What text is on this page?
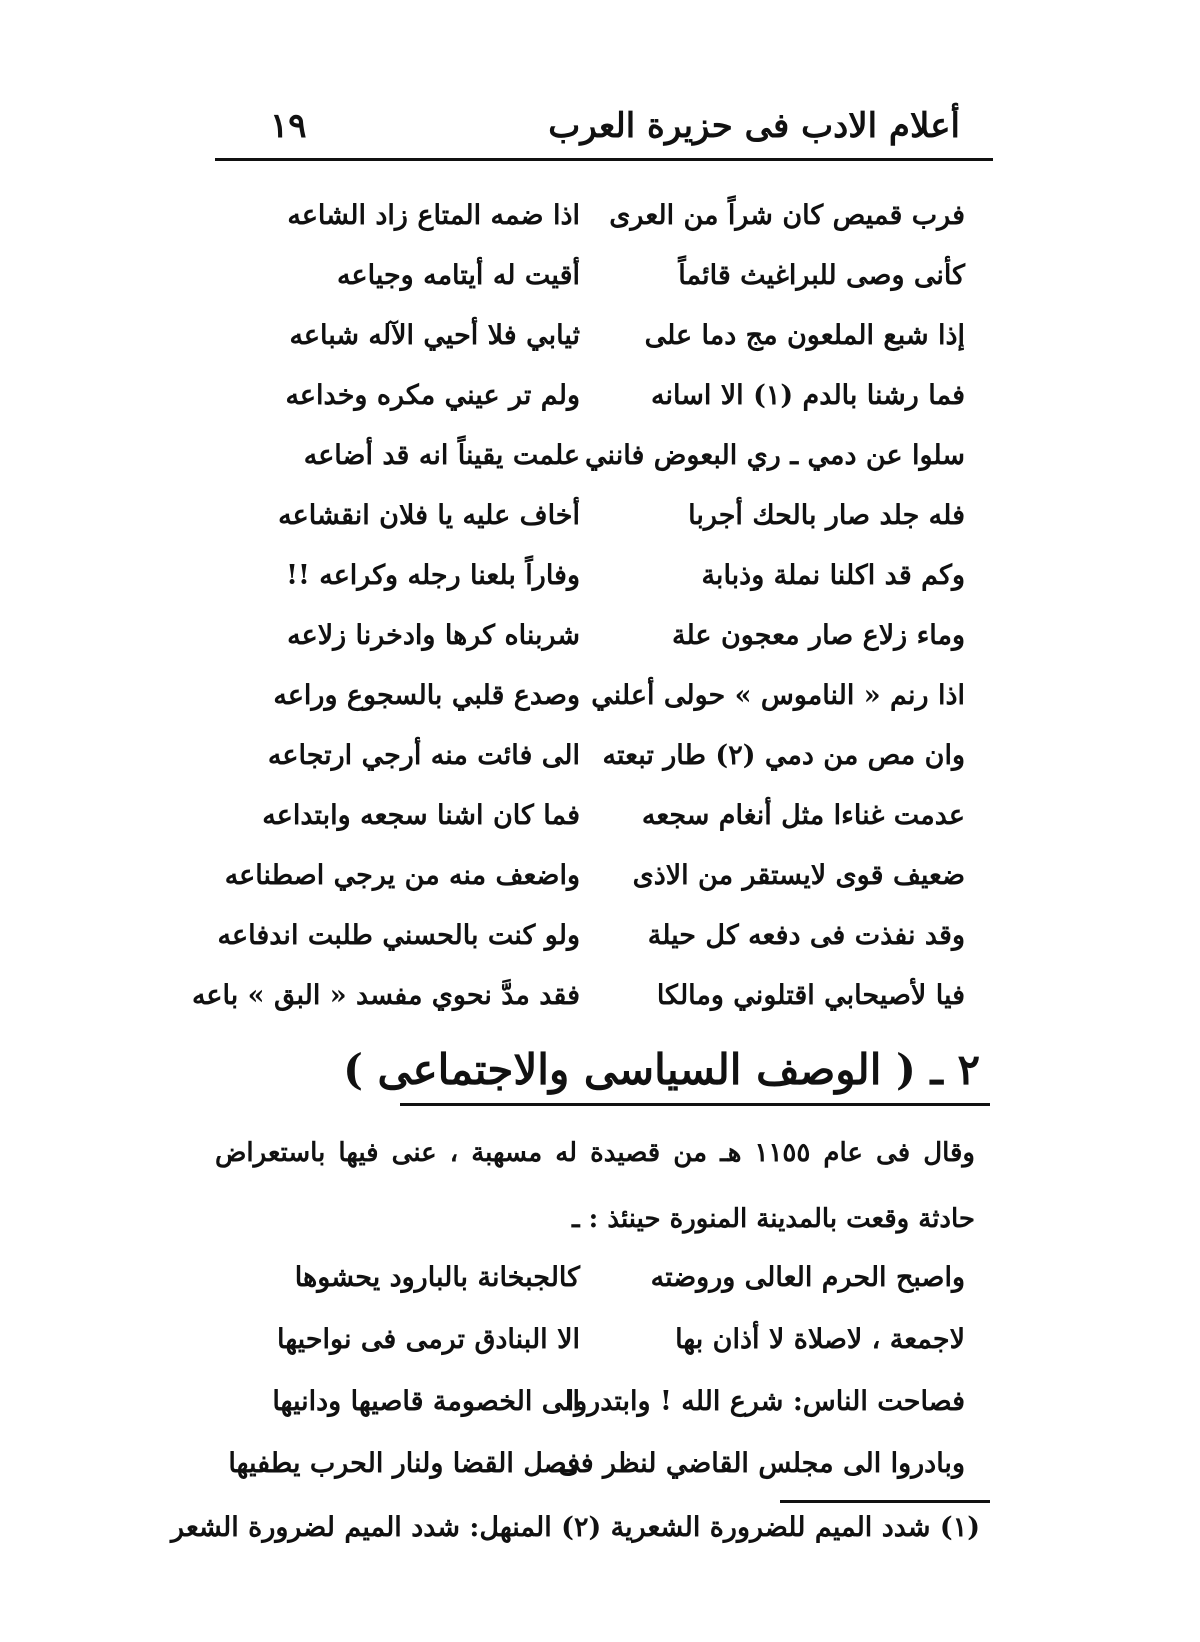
أعلام الادب فى حزيرة العرب
١٩
فرب قميص كان شراً من العرى
اذا ضمه المتاع زاد الشاعه
كأنى وصى للبراغيث قائماً
أقيت له أيتامه وجياعه
إذا شبع الملعون مج دما على
ثيابي فلا أحيي الآله شباعه
فما رشنا بالدم (١) الا اسانه
ولم تر عيني مكره وخداعه
سلوا عن دمي ـ ري البعوض فانني
علمت يقيناً انه قد أضاعه
فله جلد صار بالحك أجربا
أخاف عليه يا فلان انقشاعه
وكم قد اكلنا نملة وذبابة
وفاراً بلعنا رجله وكراعه !!
وماء زلاع صار معجون علة
شربناه كرها وادخرنا زلاعه
اذا رنم « الناموس » حولى أعلني
وصدع قلبي بالسجوع وراعه
وان مص من دمي (٢) طار تبعته
الى فائت منه أرجي ارتجاعه
عدمت غناءا مثل أنغام سجعه
فما كان اشنا سجعه وابتداعه
ضعيف قوى لايستقر من الاذى
واضعف منه من يرجي اصطناعه
وقد نفذت فى دفعه كل حيلة
ولو كنت بالحسني طلبت اندفاعه
فيا لأصيحابي اقتلوني ومالكا
فقد مدَّ نحوي مفسد « البق » باعه
٢ ـ ( الوصف السياسى والاجتماعى )
وقال فى عام ١١٥٥ هـ من قصيدة له مسهبة ، عنى فيها باستعراض حادثة وقعت بالمدينة المنورة حينئذ : ـ
واصبح الحرم العالى وروضته
كالجبخانة بالبارود يحشوها
لاجمعة ، لاصلاة لا أذان بها
الا البنادق ترمى فى نواحيها
فصاحت الناس: شرع الله ! وابتدروا
الى الخصومة قاصيها ودانيها
وبادروا الى مجلس القاضي لنظر فى
فصل القضا ولنار الحرب يطفيها
(١) شدد الميم للضرورة الشعرية (٢) المنهل: شدد الميم لضرورة الشعر
